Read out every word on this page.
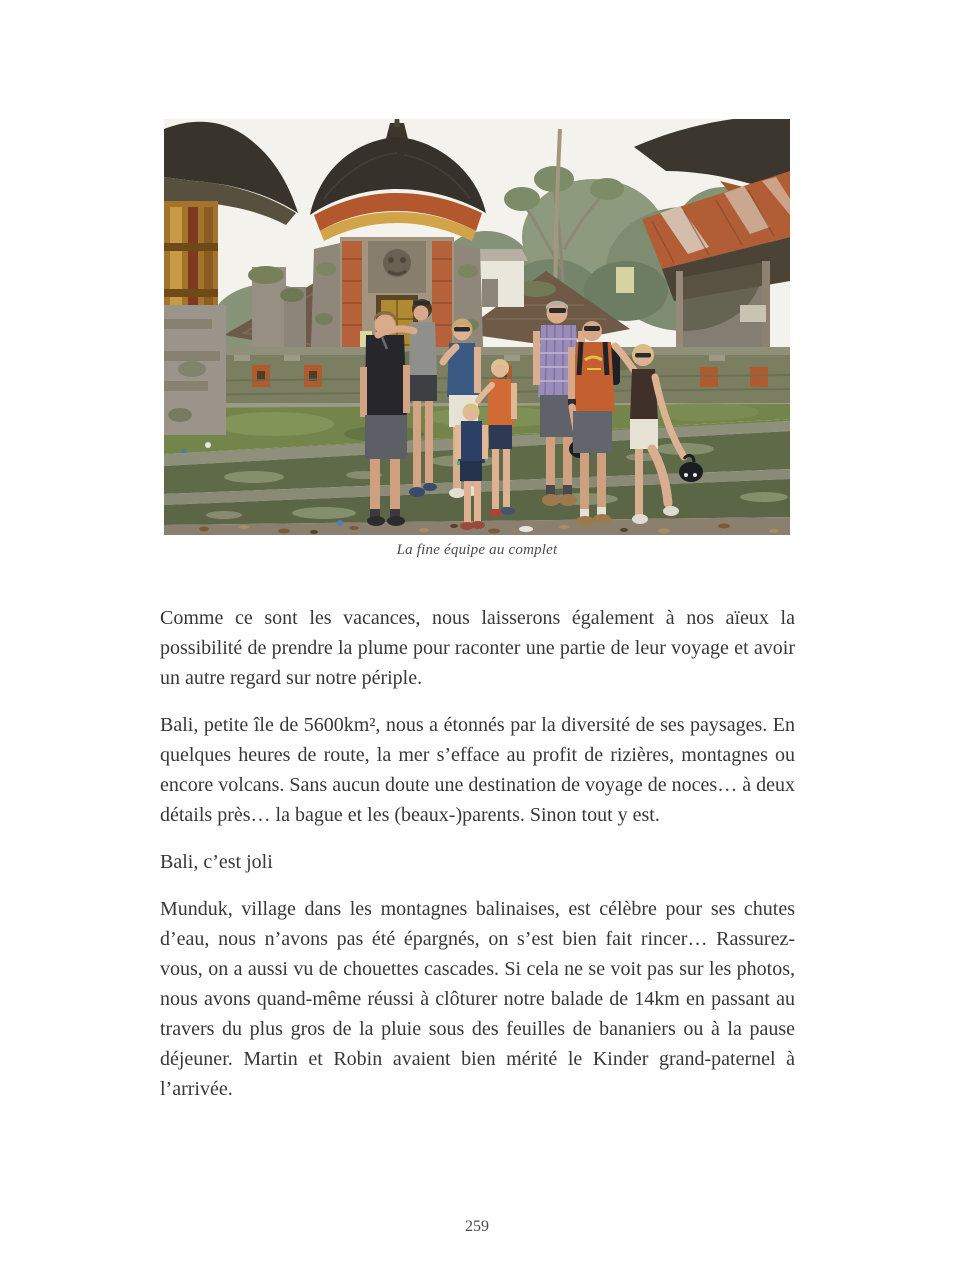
La fine équipe au complet

Comme ce sont les vacances, nous laisserons également à nos aïeux la possibilité de prendre la plume pour raconter une partie de leur voyage et avoir un autre regard sur notre périple.

Bali, petite île de 5600km², nous a étonnés par la diversité de ses paysages. En quelques heures de route, la mer s’efface au profit de rizières, montagnes ou encore volcans. Sans aucun doute une destination de voyage de noces… à deux détails près… la bague et les (beaux-)parents. Sinon tout y est.

Bali, c’est joli

Munduk, village dans les montagnes balinaises, est célèbre pour ses chutes d’eau, nous n’avons pas été épargnés, on s’est bien fait rincer… Rassurez- vous, on a aussi vu de chouettes cascades. Si cela ne se voit pas sur les photos, nous avons quand-même réussi à clôturer notre balade de 14km en passant au travers du plus gros de la pluie sous des feuilles de bananiers ou à la pause déjeuner. Martin et Robin avaient bien mérité le Kinder grand-paternel à l’arrivée.

259
